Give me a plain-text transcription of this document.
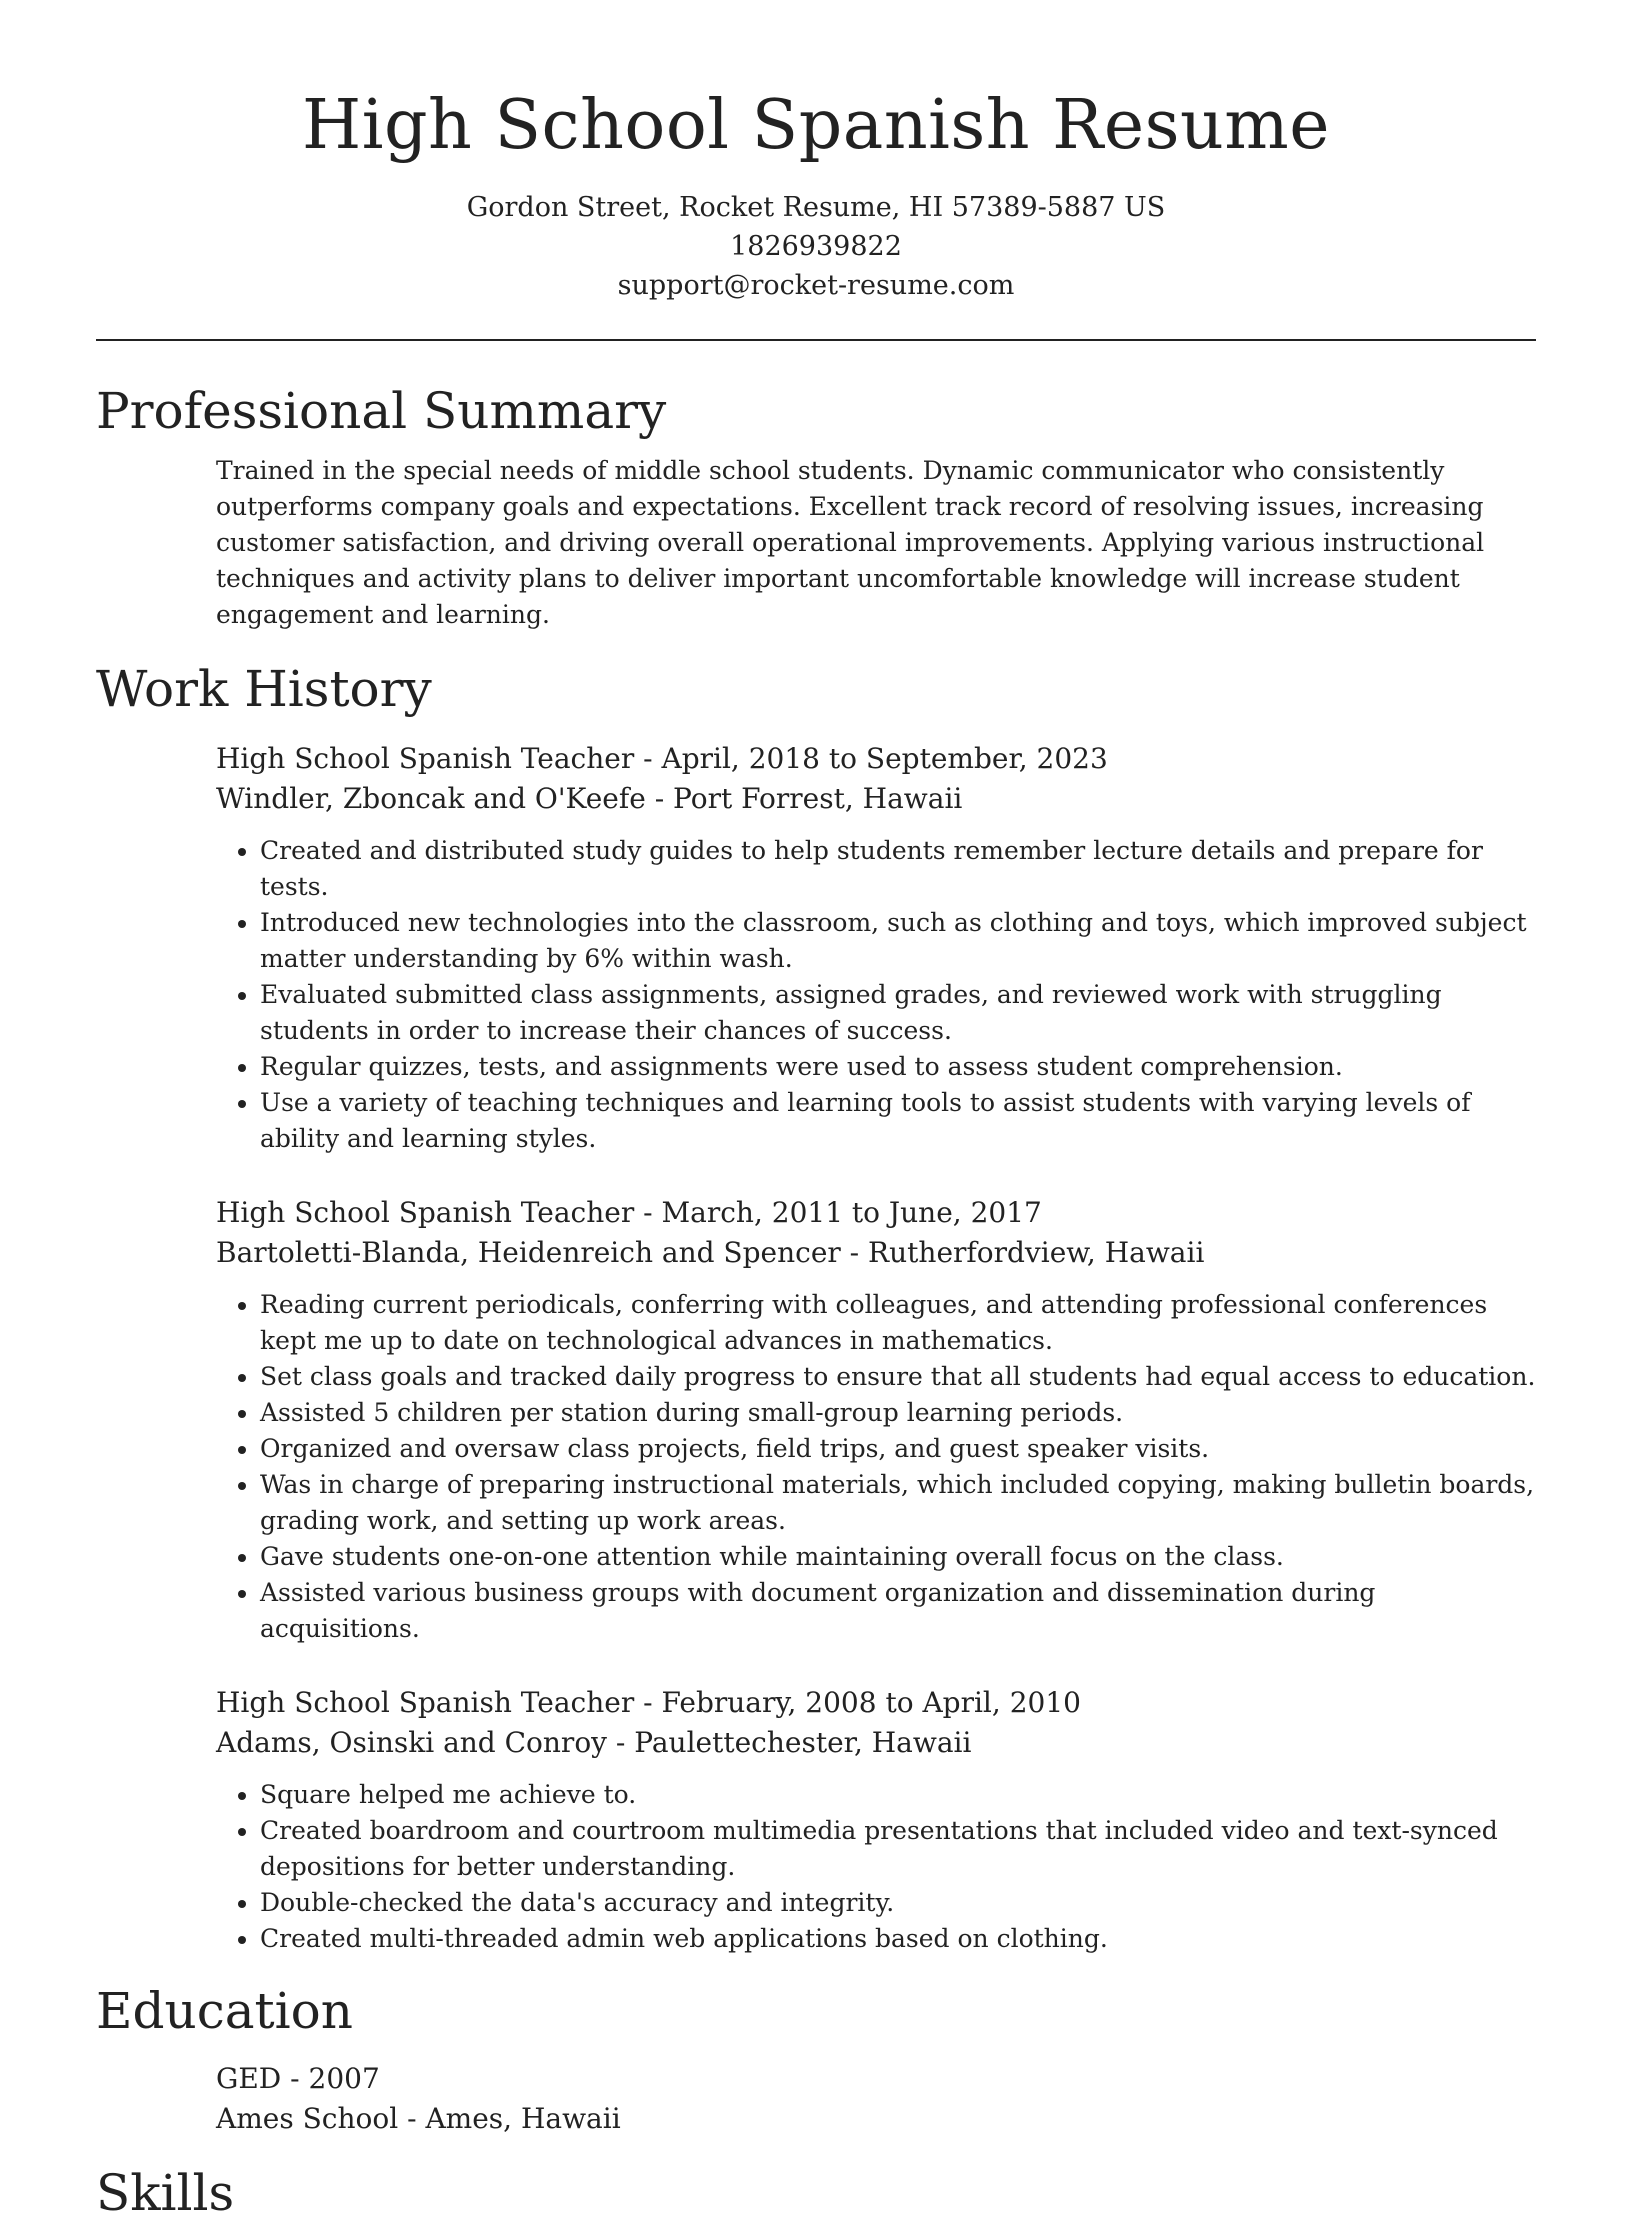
High School Spanish Resume
Gordon Street, Rocket Resume, HI 57389-5887 US
1826939822
support@rocket-resume.com
Professional Summary
Trained in the special needs of middle school students. Dynamic communicator who consistently outperforms company goals and expectations. Excellent track record of resolving issues, increasing customer satisfaction, and driving overall operational improvements. Applying various instructional techniques and activity plans to deliver important uncomfortable knowledge will increase student engagement and learning.
Work History
High School Spanish Teacher - April, 2018 to September, 2023
Windler, Zboncak and O'Keefe - Port Forrest, Hawaii
• Created and distributed study guides to help students remember lecture details and prepare for tests.
• Introduced new technologies into the classroom, such as clothing and toys, which improved subject matter understanding by 6% within wash.
• Evaluated submitted class assignments, assigned grades, and reviewed work with struggling students in order to increase their chances of success.
• Regular quizzes, tests, and assignments were used to assess student comprehension.
• Use a variety of teaching techniques and learning tools to assist students with varying levels of ability and learning styles.
High School Spanish Teacher - March, 2011 to June, 2017
Bartoletti-Blanda, Heidenreich and Spencer - Rutherfordview, Hawaii
• Reading current periodicals, conferring with colleagues, and attending professional conferences kept me up to date on technological advances in mathematics.
• Set class goals and tracked daily progress to ensure that all students had equal access to education.
• Assisted 5 children per station during small-group learning periods.
• Organized and oversaw class projects, field trips, and guest speaker visits.
• Was in charge of preparing instructional materials, which included copying, making bulletin boards, grading work, and setting up work areas.
• Gave students one-on-one attention while maintaining overall focus on the class.
• Assisted various business groups with document organization and dissemination during acquisitions.
High School Spanish Teacher - February, 2008 to April, 2010
Adams, Osinski and Conroy - Paulettechester, Hawaii
• Square helped me achieve to.
• Created boardroom and courtroom multimedia presentations that included video and text-synced depositions for better understanding.
• Double-checked the data's accuracy and integrity.
• Created multi-threaded admin web applications based on clothing.
Education
GED - 2007
Ames School - Ames, Hawaii
Skills
